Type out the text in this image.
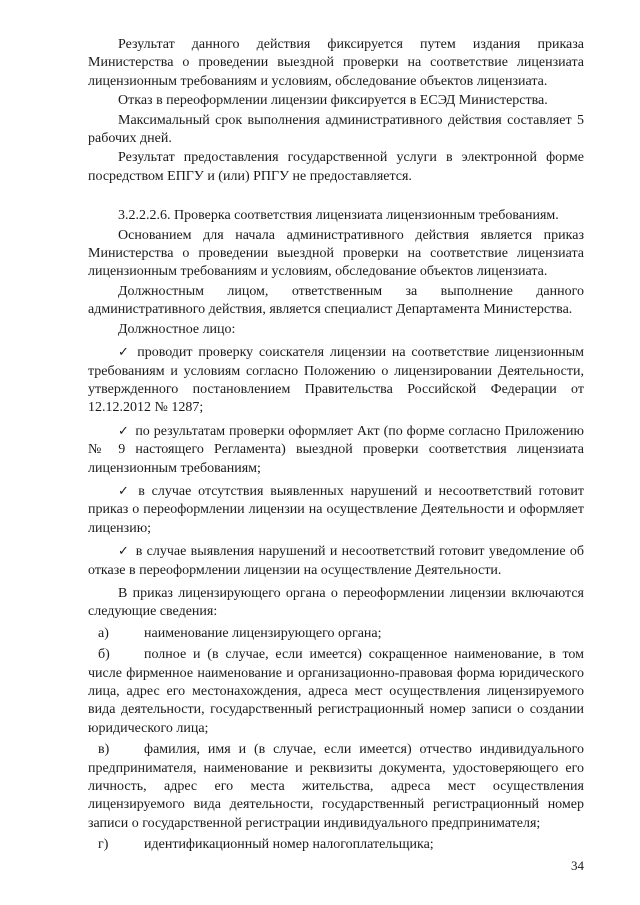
Результат данного действия фиксируется путем издания приказа Министерства о проведении выездной проверки на соответствие лицензиата лицензионным требованиям и условиям, обследование объектов лицензиата.

Отказ в переоформлении лицензии фиксируется в ЕСЭД Министерства.

Максимальный срок выполнения административного действия составляет 5 рабочих дней.

Результат предоставления государственной услуги в электронной форме посредством ЕПГУ и (или) РПГУ не предоставляется.

3.2.2.2.6. Проверка соответствия лицензиата лицензионным требованиям.

Основанием для начала административного действия является приказ Министерства о проведении выездной проверки на соответствие лицензиата лицензионным требованиям и условиям, обследование объектов лицензиата.

Должностным лицом, ответственным за выполнение данного административного действия, является специалист Департамента Министерства.

Должностное лицо:

✓ проводит проверку соискателя лицензии на соответствие лицензионным требованиям и условиям согласно Положению о лицензировании Деятельности, утвержденного постановлением Правительства Российской Федерации от 12.12.2012 № 1287;

✓ по результатам проверки оформляет Акт (по форме согласно Приложению № 9 настоящего Регламента) выездной проверки соответствия лицензиата лицензионным требованиям;

✓ в случае отсутствия выявленных нарушений и несоответствий готовит приказ о переоформлении лицензии на осуществление Деятельности и оформляет лицензию;

✓ в случае выявления нарушений и несоответствий готовит уведомление об отказе в переоформлении лицензии на осуществление Деятельности.

В приказ лицензирующего органа о переоформлении лицензии включаются следующие сведения:

а)	наименование лицензирующего органа;

б) полное и (в случае, если имеется) сокращенное наименование, в том числе фирменное наименование и организационно-правовая форма юридического лица, адрес его местонахождения, адреса мест осуществления лицензируемого вида деятельности, государственный регистрационный номер записи о создании юридического лица;

в) фамилия, имя и (в случае, если имеется) отчество индивидуального предпринимателя, наименование и реквизиты документа, удостоверяющего его личность, адрес его места жительства, адреса мест осуществления лицензируемого вида деятельности, государственный регистрационный номер записи о государственной регистрации индивидуального предпринимателя;

г)	идентификационный номер налогоплательщика;

34
